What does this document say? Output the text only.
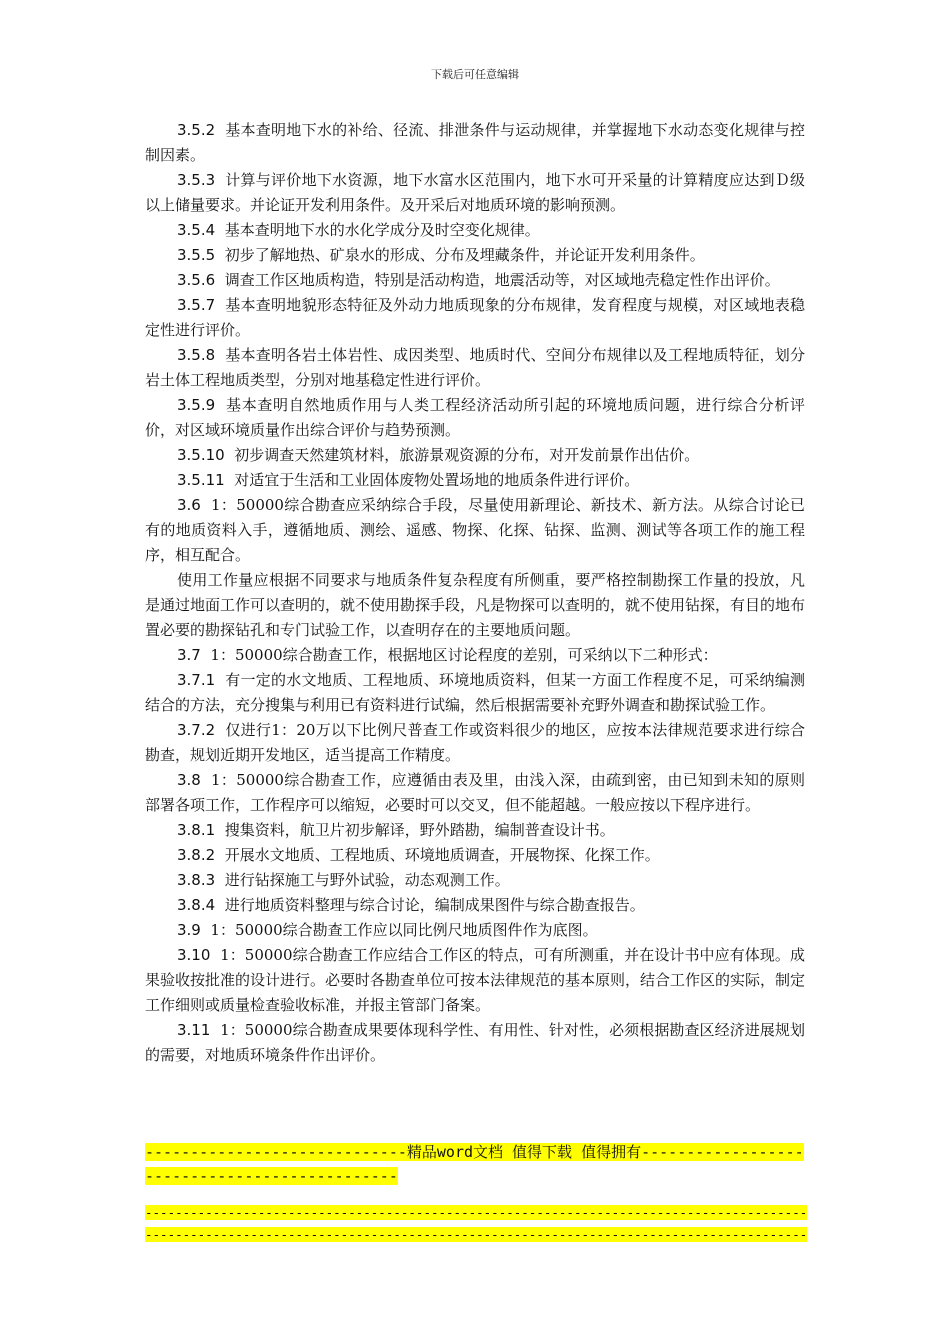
下载后可任意编辑

3.5.2 基本查明地下水的补给、径流、排泄条件与运动规律，并掌握地下水动态变化规律与控制因素。

3.5.3 计算与评价地下水资源，地下水富水区范围内，地下水可开采量的计算精度应达到Ｄ级以上储量要求。并论证开发利用条件。及开采后对地质环境的影响预测。

3.5.4 基本查明地下水的水化学成分及时空变化规律。

3.5.5 初步了解地热、矿泉水的形成、分布及埋藏条件，并论证开发利用条件。

3.5.6 调查工作区地质构造，特别是活动构造，地震活动等，对区域地壳稳定性作出评价。

3.5.7 基本查明地貌形态特征及外动力地质现象的分布规律，发育程度与规模，对区域地表稳定性进行评价。

3.5.8 基本查明各岩土体岩性、成因类型、地质时代、空间分布规律以及工程地质特征，划分岩土体工程地质类型，分别对地基稳定性进行评价。

3.5.9 基本查明自然地质作用与人类工程经济活动所引起的环境地质问题，进行综合分析评价，对区域环境质量作出综合评价与趋势预测。

3.5.10 初步调查天然建筑材料，旅游景观资源的分布，对开发前景作出估价。

3.5.11 对适宜于生活和工业固体废物处置场地的地质条件进行评价。

3.6 1：50000综合勘查应采纳综合手段，尽量使用新理论、新技术、新方法。从综合讨论已有的地质资料入手，遵循地质、测绘、遥感、物探、化探、钻探、监测、测试等各项工作的施工程序，相互配合。

使用工作量应根据不同要求与地质条件复杂程度有所侧重，要严格控制勘探工作量的投放，凡是通过地面工作可以查明的，就不使用勘探手段，凡是物探可以查明的，就不使用钻探，有目的地布置必要的勘探钻孔和专门试验工作，以查明存在的主要地质问题。

3.7 1：50000综合勘查工作，根据地区讨论程度的差别，可采纳以下二种形式：

3.7.1 有一定的水文地质、工程地质、环境地质资料，但某一方面工作程度不足，可采纳编测结合的方法，充分搜集与利用已有资料进行试编，然后根据需要补充野外调查和勘探试验工作。

3.7.2 仅进行1：20万以下比例尺普查工作或资料很少的地区，应按本法律规范要求进行综合勘查，规划近期开发地区，适当提高工作精度。

3.8 1：50000综合勘查工作，应遵循由表及里，由浅入深，由疏到密，由已知到未知的原则部署各项工作，工作程序可以缩短，必要时可以交叉，但不能超越。一般应按以下程序进行。

3.8.1 搜集资料，航卫片初步解译，野外踏勘，编制普查设计书。

3.8.2 开展水文地质、工程地质、环境地质调查，开展物探、化探工作。

3.8.3 进行钻探施工与野外试验，动态观测工作。

3.8.4 进行地质资料整理与综合讨论，编制成果图件与综合勘查报告。

3.9 1：50000综合勘查工作应以同比例尺地质图件作为底图。

3.10 1：50000综合勘查工作应结合工作区的特点，可有所测重，并在设计书中应有体现。成果验收按批准的设计进行。必要时各勘查单位可按本法律规范的基本原则，结合工作区的实际，制定工作细则或质量检查验收标准，并报主管部门备案。

3.11 1：50000综合勘查成果要体现科学性、有用性、针对性，必须根据勘查区经济进展规划的需要，对地质环境条件作出评价。

-----------------------------精品word文档 值得下载 值得拥有----------------------------------------------
--------------------------------------------------------------------------------------------------------------------------------------------------------------------------------
